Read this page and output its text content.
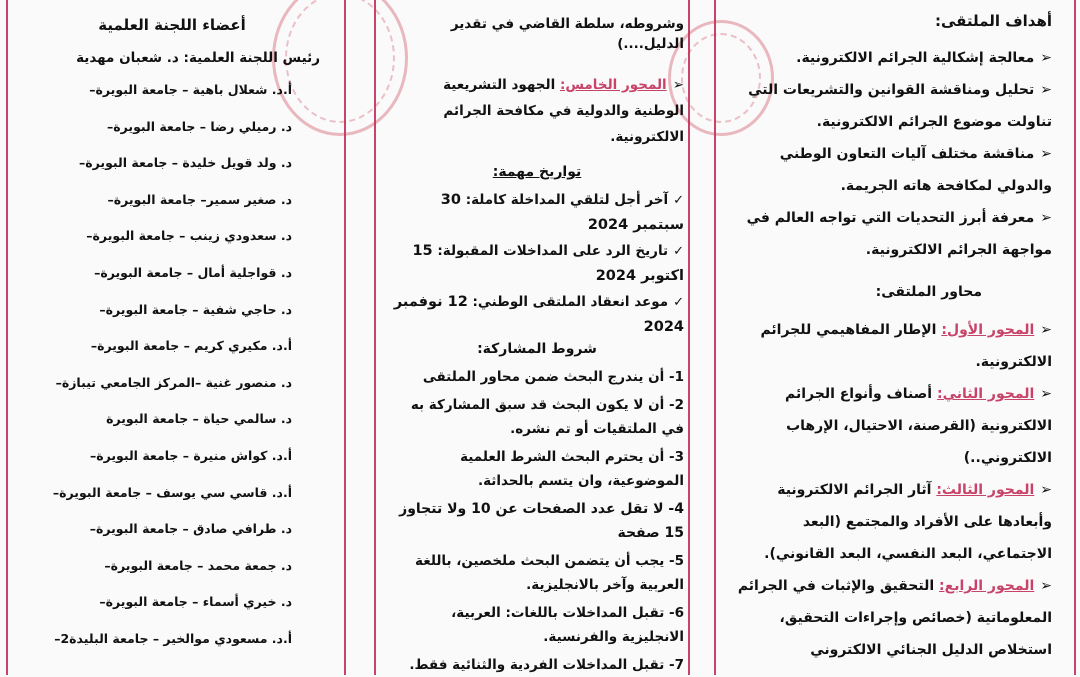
أهداف الملتقى:
➢معالجة إشكالية الجرائم الالكترونية.
➢تحليل ومناقشة القوانين والتشريعات التي تناولت موضوع الجرائم الالكترونية.
➢مناقشة مختلف آليات التعاون الوطني والدولي لمكافحة هاته الجريمة.
➢معرفة أبرز التحديات التي تواجه العالم في مواجهة الجرائم الالكترونية.
محاور الملتقى:
➢المحور الأول: الإطار المفاهيمي للجرائم الالكترونية.
➢المحور الثاني: أصناف وأنواع الجرائم الالكترونية (القرصنة، الاحتيال، الإرهاب الالكتروني..)
➢المحور الثالث: آثار الجرائم الالكترونية وأبعادها على الأفراد والمجتمع (البعد الاجتماعي، البعد النفسي، البعد القانوني).
➢المحور الرابع: التحقيق والإثبات في الجرائم المعلوماتية (خصائص وإجراءات التحقيق، استخلاص الدليل الجنائي الالكتروني
وشروطه، سلطة القاضي في تقدير الدليل....)
➢المحور الخامس: الجهود التشريعية الوطنية والدولية في مكافحة الجرائم الالكترونية.
تواريخ مهمة:
✓آخر أجل لتلقي المداخلة كاملة: 30 سبتمبر 2024
✓تاريخ الرد على المداخلات المقبولة: 15 اكتوبر 2024
✓موعد انعقاد الملتقى الوطني: 12 نوفمبر 2024
شروط المشاركة:
1- أن يندرج البحث ضمن محاور الملتقى
2- أن لا يكون البحث قد سبق المشاركة به في الملتقيات أو تم نشره.
3- أن يحترم البحث الشرط العلمية الموضوعية، وان يتسم بالحداثة.
4- لا تقل عدد الصفحات عن 10 ولا تتجاوز 15 صفحة
5- يجب أن يتضمن البحث ملخصين، باللغة العربية وآخر بالانجليزية.
6- تقبل المداخلات باللغات: العربية، الانجليزية والفرنسية.
7- تقبل المداخلات الفردية والثنائية فقط.
أعضاء اللجنة العلمية
رئيس اللجنة العلمية: د. شعبان مهدية
أ.د. شعلال باهية – جامعة البويرة–
د. رميلي رضا – جامعة البويرة–
د. ولد قويل خليدة – جامعة البويرة–
د. صغير سمير– جامعة البويرة–
د. سعدودي زينب – جامعة البويرة–
د. قواجلية أمال – جامعة البويرة–
د. حاجي شفية – جامعة البويرة–
أ.د. مكيري كريم – جامعة البويرة–
د. منصور غنية –المركز الجامعي تيبازة–
د. سالمي حياة – جامعة البويرة
أ.د. كواش منيرة – جامعة البويرة–
أ.د. قاسي سي يوسف – جامعة البويرة–
د. طرافي صادق – جامعة البويرة–
د. جمعة محمد – جامعة البويرة–
د. خيري أسماء – جامعة البويرة–
أ.د. مسعودي موالخير – جامعة البليدة2–
